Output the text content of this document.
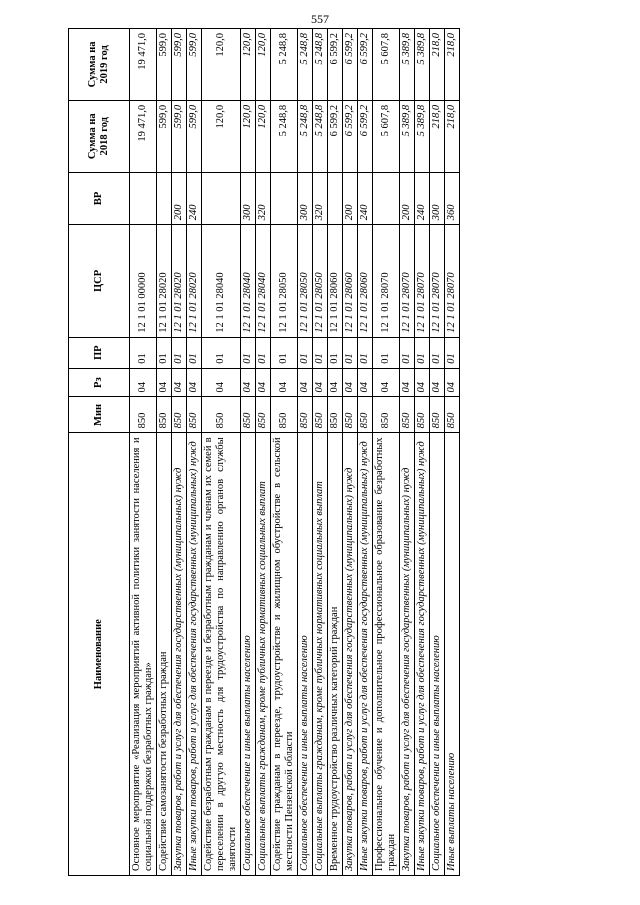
557
Наименование	Мин	Рз	ПР	ЦСР	ВР	Сумма на 2018 год	Сумма на 2019 год
Основное мероприятие «Реализация мероприятий активной политики занятости населения и социальной поддержки безработных граждан»	850	04	01	12 1 01 00000		19 471,0	19 471,0
Содействие самозанятости безработных граждан	850	04	01	12 1 01 28020		599,0	599,0
Закупка товаров, работ и услуг для обеспечения государственных (муниципальных) нужд	850	04	01	12 1 01 28020	200	599,0	599,0
Иные закупки товаров, работ и услуг для обеспечения государственных (муниципальных) нужд	850	04	01	12 1 01 28020	240	599,0	599,0
Содействие безработным гражданам в переезде и безработным гражданам и членам их семей в переселении в другую местность для трудоустройства по направлению органов службы занятости	850	04	01	12 1 01 28040		120,0	120,0
Социальное обеспечение и иные выплаты населению	850	04	01	12 1 01 28040	300	120,0	120,0
Социальные выплаты гражданам, кроме публичных нормативных социальных выплат	850	04	01	12 1 01 28040	320	120,0	120,0
Содействие гражданам в переезде, трудоустройстве и жилищном обустройстве в сельской местности Пензенской области	850	04	01	12 1 01 28050		5 248,8	5 248,8
Социальное обеспечение и иные выплаты населению	850	04	01	12 1 01 28050	300	5 248,8	5 248,8
Социальные выплаты гражданам, кроме публичных нормативных социальных выплат	850	04	01	12 1 01 28050	320	5 248,8	5 248,8
Временное трудоустройство различных категорий граждан	850	04	01	12 1 01 28060		6 599,2	6 599,2
Закупка товаров, работ и услуг для обеспечения государственных (муниципальных) нужд	850	04	01	12 1 01 28060	200	6 599,2	6 599,2
Иные закупки товаров, работ и услуг для обеспечения государственных (муниципальных) нужд	850	04	01	12 1 01 28060	240	6 599,2	6 599,2
Профессиональное обучение и дополнительное профессиональное образование безработных граждан	850	04	01	12 1 01 28070		5 607,8	5 607,8
Закупка товаров, работ и услуг для обеспечения государственных (муниципальных) нужд	850	04	01	12 1 01 28070	200	5 389,8	5 389,8
Иные закупки товаров, работ и услуг для обеспечения государственных (муниципальных) нужд	850	04	01	12 1 01 28070	240	5 389,8	5 389,8
Социальное обеспечение и иные выплаты населению	850	04	01	12 1 01 28070	300	218,0	218,0
Иные выплаты населению	850	04	01	12 1 01 28070	360	218,0	218,0
